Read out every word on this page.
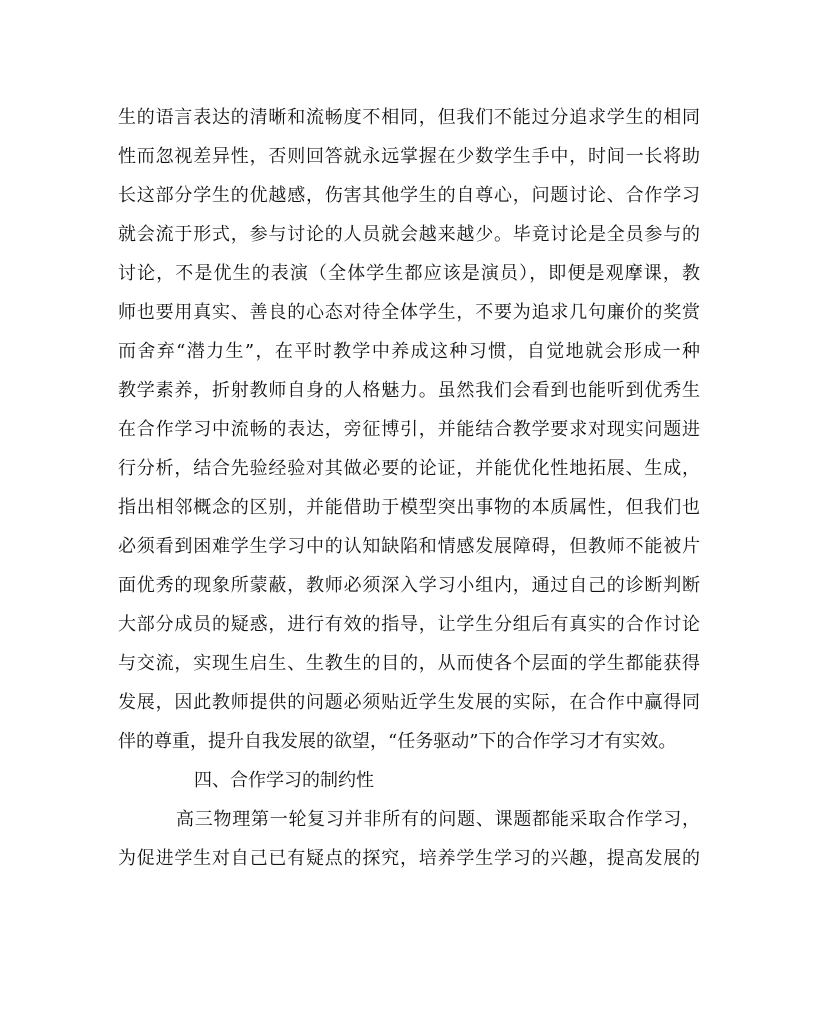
生的语言表达的清晰和流畅度不相同，但我们不能过分追求学生的相同
性而忽视差异性，否则回答就永远掌握在少数学生手中，时间一长将助
长这部分学生的优越感，伤害其他学生的自尊心，问题讨论、合作学习
就会流于形式，参与讨论的人员就会越来越少。毕竟讨论是全员参与的
讨论，不是优生的表演（全体学生都应该是演员），即便是观摩课，教
师也要用真实、善良的心态对待全体学生，不要为追求几句廉价的奖赏
而舍弃“潜力生”，在平时教学中养成这种习惯，自觉地就会形成一种
教学素养，折射教师自身的人格魅力。虽然我们会看到也能听到优秀生
在合作学习中流畅的表达，旁征博引，并能结合教学要求对现实问题进
行分析，结合先验经验对其做必要的论证，并能优化性地拓展、生成，
指出相邻概念的区别，并能借助于模型突出事物的本质属性，但我们也
必须看到困难学生学习中的认知缺陷和情感发展障碍，但教师不能被片
面优秀的现象所蒙蔽，教师必须深入学习小组内，通过自己的诊断判断
大部分成员的疑惑，进行有效的指导，让学生分组后有真实的合作讨论
与交流，实现生启生、生教生的目的，从而使各个层面的学生都能获得
发展，因此教师提供的问题必须贴近学生发展的实际，在合作中赢得同
伴的尊重，提升自我发展的欲望，“任务驱动”下的合作学习才有实效。
四、合作学习的制约性
高三物理第一轮复习并非所有的问题、课题都能采取合作学习，
为促进学生对自己已有疑点的探究，培养学生学习的兴趣，提高发展的
